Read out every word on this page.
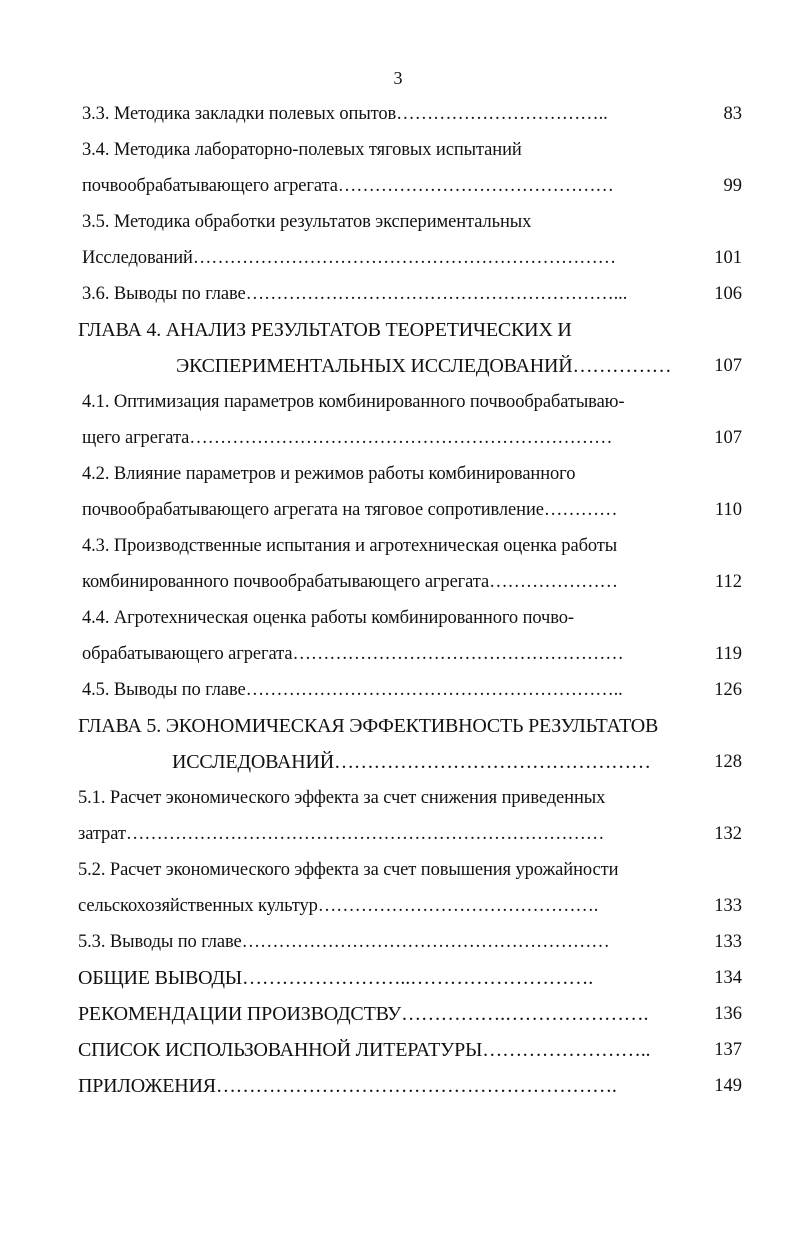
3
3.3. Методика закладки полевых опытов……………………………..	83
3.4. Методика лабораторно-полевых тяговых испытаний
почвообрабатывающего агрегата………………………………………	99
3.5. Методика обработки результатов экспериментальных
Исследований……………………………………………………………	101
3.6. Выводы по главе……………………………………………………...	106
ГЛАВА 4. АНАЛИЗ РЕЗУЛЬТАТОВ ТЕОРЕТИЧЕСКИХ И
ЭКСПЕРИМЕНТАЛЬНЫХ ИССЛЕДОВАНИЙ……………	107
4.1. Оптимизация параметров комбинированного почвообрабатываю-
щего агрегата……………………………………………………………	107
4.2. Влияние параметров и режимов работы комбинированного
почвообрабатывающего агрегата на тяговое сопротивление…………	110
4.3. Производственные испытания и агротехническая оценка работы
комбинированного почвообрабатывающего агрегата…………………	112
4.4. Агротехническая оценка работы комбинированного почво-
обрабатывающего агрегата………………………………………………	119
4.5. Выводы по главе……………………………………………………..	126
ГЛАВА 5. ЭКОНОМИЧЕСКАЯ ЭФФЕКТИВНОСТЬ РЕЗУЛЬТАТОВ
ИССЛЕДОВАНИЙ…………………………………………	128
5.1. Расчет экономического эффекта за счет снижения приведенных
затрат……………………………………………………………………	132
5.2. Расчет экономического эффекта за счет повышения урожайности
сельскохозяйственных культур……………………………………….	133
5.3. Выводы по главе……………………………………………………	133
ОБЩИЕ ВЫВОДЫ……………………..……………………….	134
РЕКОМЕНДАЦИИ ПРОИЗВОДСТВУ…………….………………….	136
СПИСОК ИСПОЛЬЗОВАННОЙ ЛИТЕРАТУРЫ……………………..	137
ПРИЛОЖЕНИЯ…………………………………………………….	149
